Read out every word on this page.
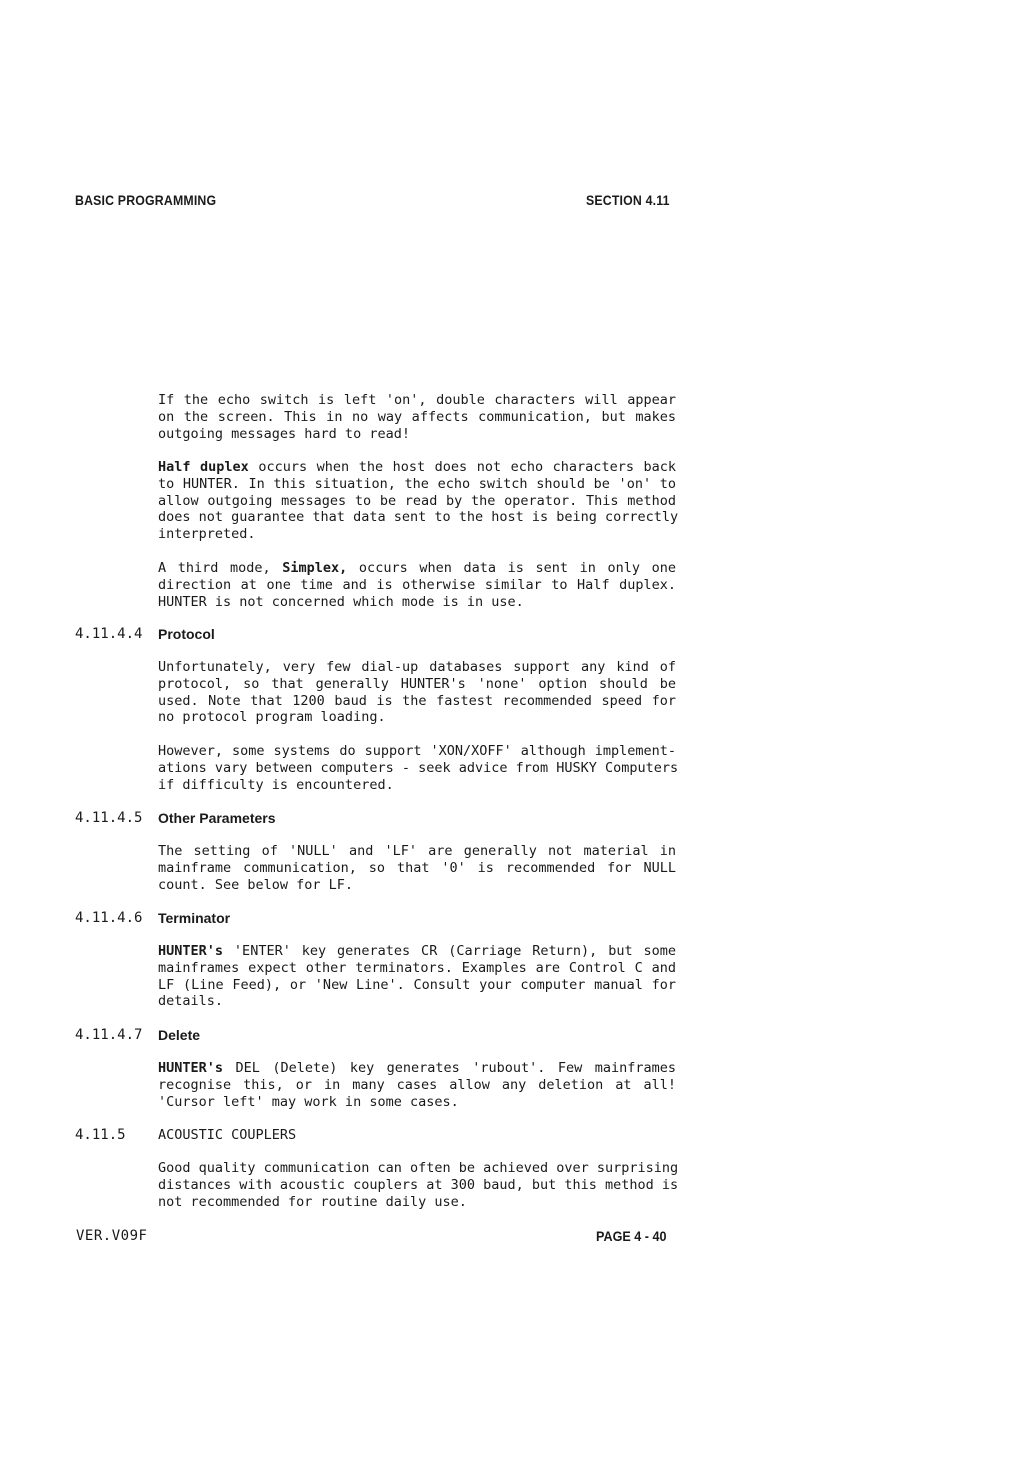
BASIC PROGRAMMING	SECTION 4.11
If the echo switch is left 'on', double characters will appear
on the screen. This in no way affects communication, but makes
outgoing messages hard to read!
Half duplex occurs when the host does not echo characters back
to HUNTER. In this situation, the echo switch should be 'on' to
allow outgoing messages to be read by the operator. This method
does not guarantee that data sent to the host is being correctly
interpreted.
A third mode, Simplex, occurs when data is sent in only one
direction at one time and is otherwise similar to Half duplex.
HUNTER is not concerned which mode is in use.
4.11.4.4 Protocol
Unfortunately, very few dial-up databases support any kind of
protocol, so that generally HUNTER's 'none' option should be
used. Note that 1200 baud is the fastest recommended speed for
no protocol program loading.
However, some systems do support 'XON/XOFF' although implement-
ations vary between computers - seek advice from HUSKY Computers
if difficulty is encountered.
4.11.4.5 Other Parameters
The setting of 'NULL' and 'LF' are generally not material in
mainframe communication, so that '0' is recommended for NULL
count. See below for LF.
4.11.4.6 Terminator
HUNTER's 'ENTER' key generates CR (Carriage Return), but some
mainframes expect other terminators. Examples are Control C and
LF (Line Feed), or 'New Line'. Consult your computer manual for
details.
4.11.4.7 Delete
HUNTER's DEL (Delete) key generates 'rubout'. Few mainframes
recognise this, or in many cases allow any deletion at all!
'Cursor left' may work in some cases.
4.11.5 ACOUSTIC COUPLERS
Good quality communication can often be achieved over surprising
distances with acoustic couplers at 300 baud, but this method is
not recommended for routine daily use.
VER.V09F	PAGE 4 - 40
